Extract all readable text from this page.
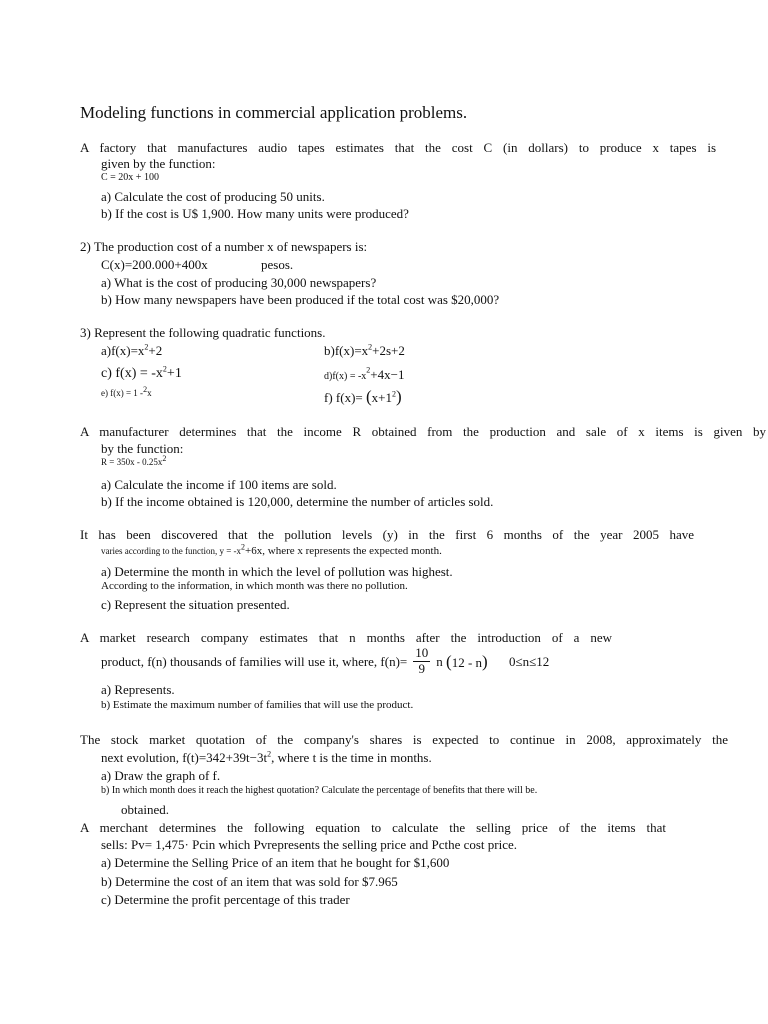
Modeling functions in commercial application problems.
A factory that manufactures audio tapes estimates that the cost C (in dollars) to produce x tapes is
given by the function:
C = 20x + 100
a) Calculate the cost of producing 50 units.
b) If the cost is U$ 1,900. How many units were produced?
2) The production cost of a number x of newspapers is:
C(x)=200.000+400x	pesos.
a) What is the cost of producing 30,000 newspapers?
b) How many newspapers have been produced if the total cost was $20,000?
3) Represent the following quadratic functions.
$a)f(x)=x^2+2$	$b)f(x)=x^2+2s+2$
c) $f(x) = -x^2+1$	$d)f(x) = -x^2+4x-1$
e) f(x) = 1 -$^2$x	f) $f(x)= (x+1^2)$
A manufacturer determines that the income R obtained from the production and sale of x items is given by
by the function:
$R = 350x - 0.25x^2$
a) Calculate the income if 100 items are sold.
b) If the income obtained is 120,000, determine the number of articles sold.
It has been discovered that the pollution levels (y) in the first 6 months of the year 2005 have
varies according to the function, $y = -x^2+6x$, where x represents the expected month.
a) Determine the month in which the level of pollution was highest.
According to the information, in which month was there no pollution.
c) Represent the situation presented.
A market research company estimates that n months after the introduction of a new
product, f(n) thousands of families will use it, where, $f(n)= \frac{10}{9}$ n (12 - n) 0≤n≤12
a) Represents.
b) Estimate the maximum number of families that will use the product.
The stock market quotation of the company's shares is expected to continue in 2008, approximately the
next evolution, $f(t)=342+39t-3t^2$, where t is the time in months.
a) Draw the graph of f.
b) In which month does it reach the highest quotation? Calculate the percentage of benefits that there will be.
obtained.
A merchant determines the following equation to calculate the selling price of the items that
sells: Pv= 1,475· Pcin which Pvrepresents the selling price and Pcthe cost price.
a) Determine the Selling Price of an item that he bought for $1,600
b) Determine the cost of an item that was sold for $7.965
c) Determine the profit percentage of this trader
